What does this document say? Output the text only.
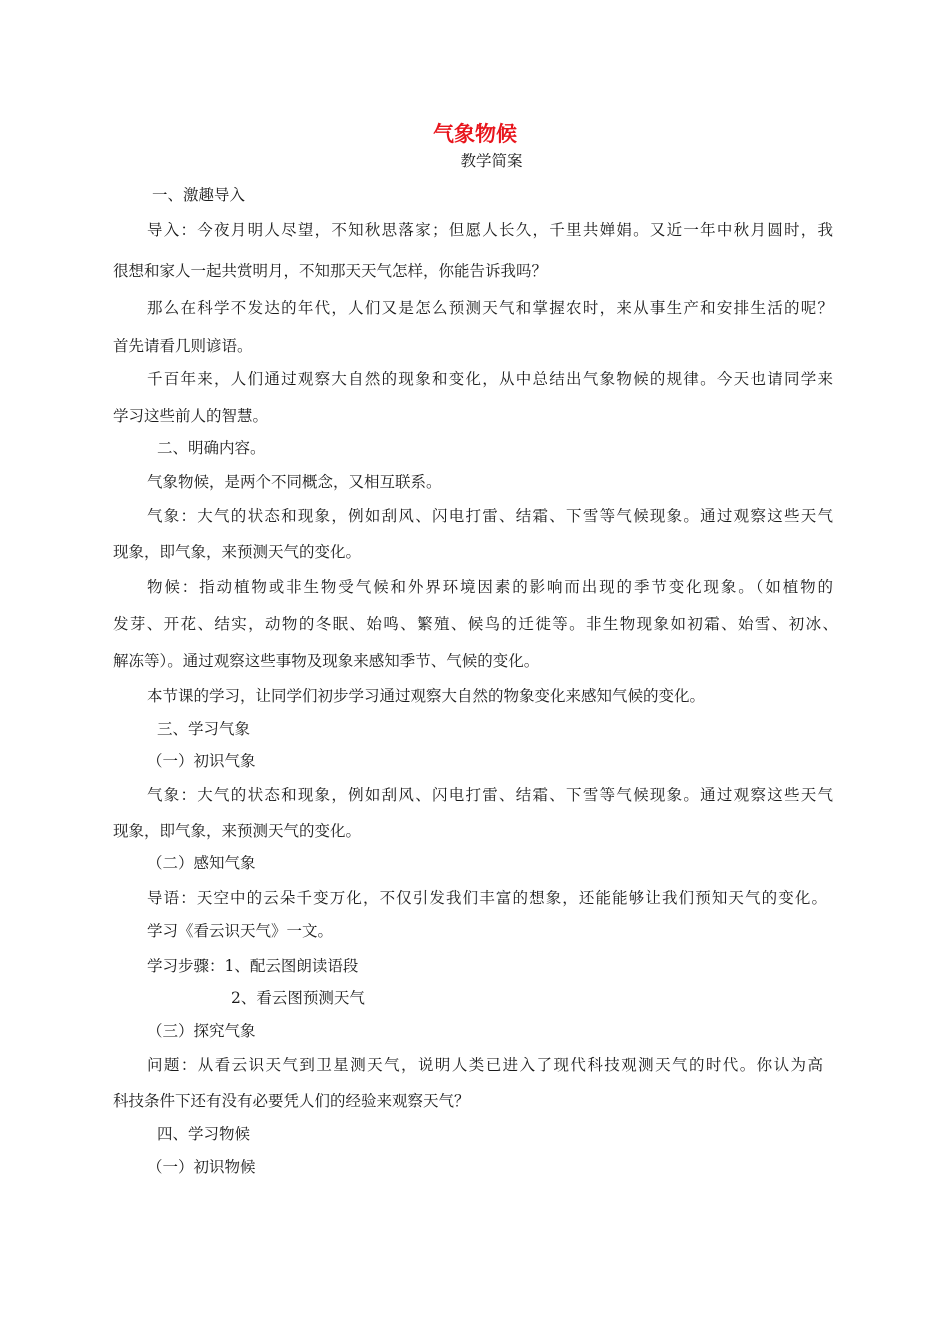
气象物候

教学简案

一、激趣导入

导入：今夜月明人尽望，不知秋思落家；但愿人长久，千里共婵娟。又近一年中秋月圆时，我

很想和家人一起共赏明月，不知那天天气怎样，你能告诉我吗？

那么在科学不发达的年代，人们又是怎么预测天气和掌握农时，来从事生产和安排生活的呢？

首先请看几则谚语。

千百年来，人们通过观察大自然的现象和变化，从中总结出气象物候的规律。今天也请同学来

学习这些前人的智慧。

二、明确内容。

气象物候，是两个不同概念，又相互联系。

气象：大气的状态和现象，例如刮风、闪电打雷、结霜、下雪等气候现象。通过观察这些天气

现象，即气象，来预测天气的变化。

物候：指动植物或非生物受气候和外界环境因素的影响而出现的季节变化现象。（如植物的

发芽、开花、结实，动物的冬眠、始鸣、繁殖、候鸟的迁徙等。非生物现象如初霜、始雪、初冰、

解冻等）。通过观察这些事物及现象来感知季节、气候的变化。

本节课的学习，让同学们初步学习通过观察大自然的物象变化来感知气候的变化。

三、学习气象

（一）初识气象

气象：大气的状态和现象，例如刮风、闪电打雷、结霜、下雪等气候现象。通过观察这些天气

现象，即气象，来预测天气的变化。

（二）感知气象

导语：天空中的云朵千变万化，不仅引发我们丰富的想象，还能能够让我们预知天气的变化。

学习《看云识天气》一文。

学习步骤：1、配云图朗读语段

2、看云图预测天气

（三）探究气象

问题：从看云识天气到卫星测天气，说明人类已进入了现代科技观测天气的时代。你认为高

科技条件下还有没有必要凭人们的经验来观察天气？

四、学习物候

（一）初识物候
